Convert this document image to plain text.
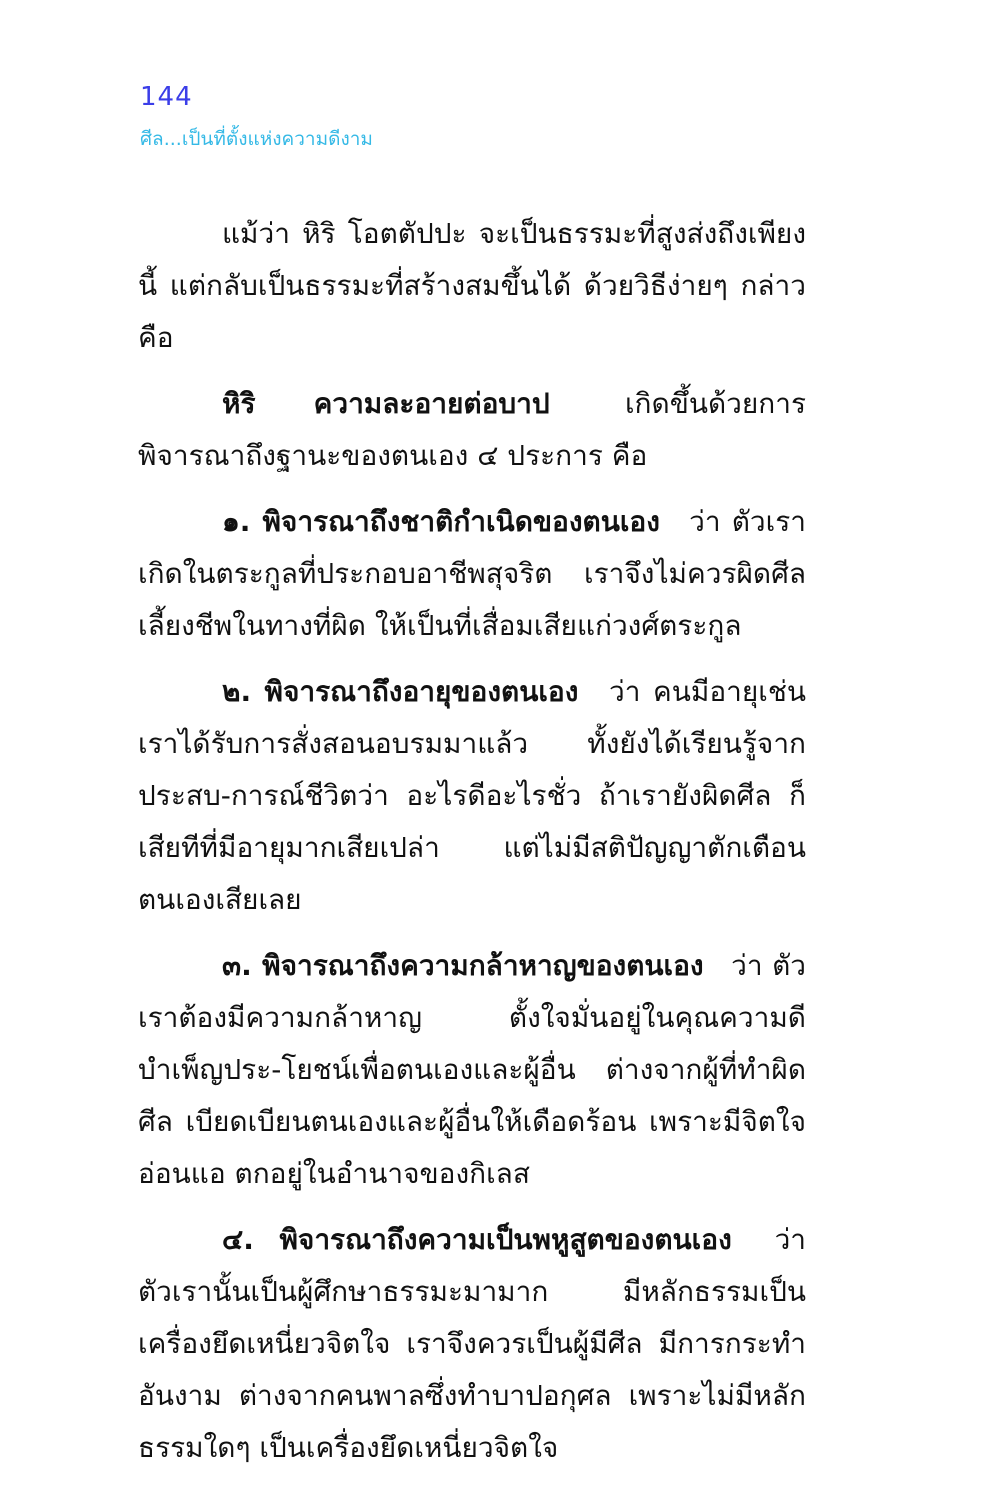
144
ศีล...เป็นที่ตั้งแห่งความดีงาม

แม้ว่า หิริ โอตตัปปะ จะเป็นธรรมะที่สูงส่งถึงเพียงนี้ แต่กลับเป็นธรรมะที่สร้างสมขึ้นได้ ด้วยวิธีง่ายๆ กล่าวคือ

หิริ ความละอายต่อบาป	เกิดขึ้นด้วยการพิจารณาถึงฐานะของตนเอง ๔ ประการ คือ

๑. พิจารณาถึงชาติกำเนิดของตนเอง ว่า ตัวเราเกิดในตระกูลที่ประกอบอาชีพสุจริต เราจึงไม่ควรผิดศีล เลี้ยงชีพในทางที่ผิด ให้เป็นที่เสื่อมเสียแก่วงศ์ตระกูล

๒. พิจารณาถึงอายุของตนเอง ว่า คนมีอายุเช่นเราได้รับการสั่งสอนอบรมมาแล้ว ทั้งยังได้เรียนรู้จากประสบ-การณ์ชีวิตว่า อะไรดีอะไรชั่ว ถ้าเรายังผิดศีล ก็เสียทีที่มีอายุมากเสียเปล่า แต่ไม่มีสติปัญญาตักเตือนตนเองเสียเลย

๓. พิจารณาถึงความกล้าหาญของตนเอง ว่า ตัวเราต้องมีความกล้าหาญ ตั้งใจมั่นอยู่ในคุณความดี บำเพ็ญประ-โยชน์เพื่อตนเองและผู้อื่น ต่างจากผู้ที่ทำผิดศีล เบียดเบียนตนเองและผู้อื่นให้เดือดร้อน เพราะมีจิตใจอ่อนแอ ตกอยู่ในอำนาจของกิเลส

๔. พิจารณาถึงความเป็นพหูสูตของตนเอง ว่า ตัวเรานั้นเป็นผู้ศึกษาธรรมะมามาก มีหลักธรรมเป็นเครื่องยึดเหนี่ยวจิตใจ เราจึงควรเป็นผู้มีศีล มีการกระทำอันงาม ต่างจากคนพาลซึ่งทำบาปอกุศล เพราะไม่มีหลักธรรมใดๆ เป็นเครื่องยึดเหนี่ยวจิตใจ
